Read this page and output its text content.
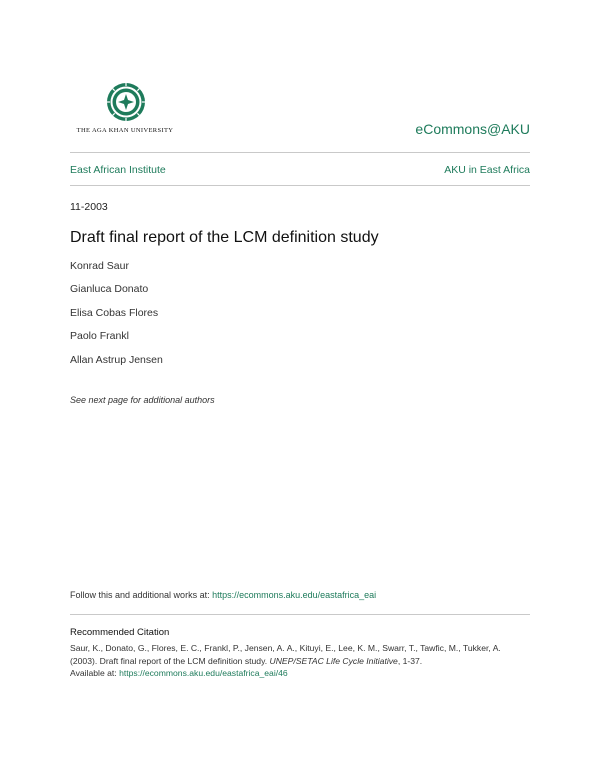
THE AGA KHAN UNIVERSITY	eCommons@AKU
East African Institute	AKU in East Africa
11-2003
Draft final report of the LCM definition study
Konrad Saur
Gianluca Donato
Elisa Cobas Flores
Paolo Frankl
Allan Astrup Jensen
See next page for additional authors
Follow this and additional works at: https://ecommons.aku.edu/eastafrica_eai
Recommended Citation
Saur, K., Donato, G., Flores, E. C., Frankl, P., Jensen, A. A., Kituyi, E., Lee, K. M., Swarr, T., Tawfic, M., Tukker, A. (2003). Draft final report of the LCM definition study. UNEP/SETAC Life Cycle Initiative, 1-37.
Available at: https://ecommons.aku.edu/eastafrica_eai/46
